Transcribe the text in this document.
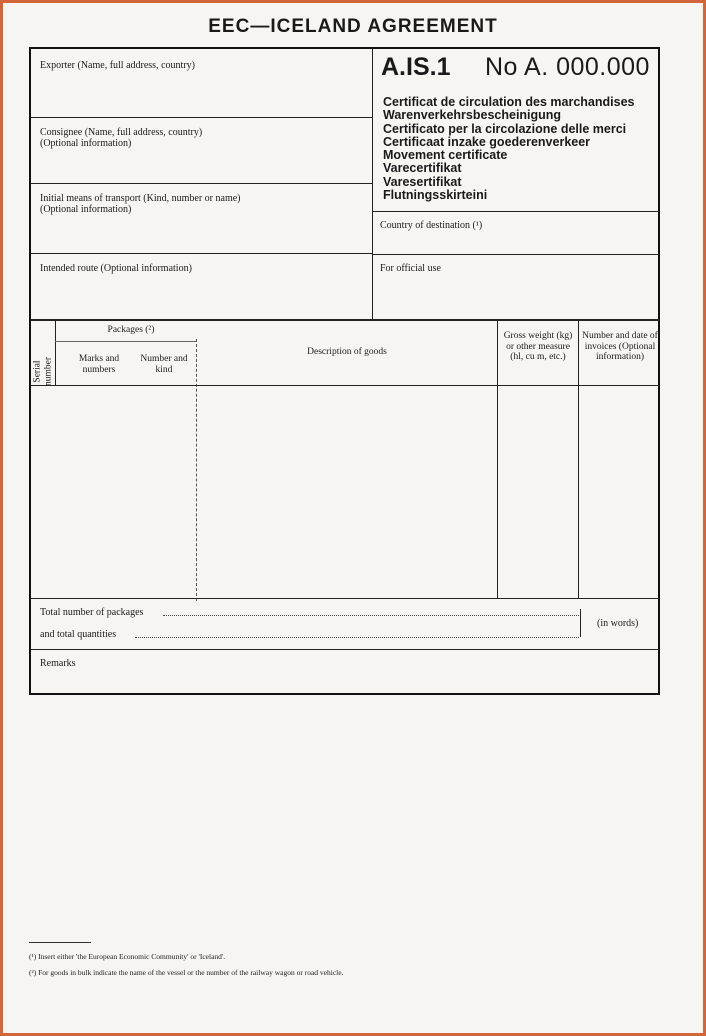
EEC—ICELAND AGREEMENT
Exporter (Name, full address, country)
Consignee (Name, full address, country)
(Optional information)
Initial means of transport (Kind, number or name)
(Optional information)
Intended route (Optional information)
A.IS.1 No A. 000.000
Certificat de circulation des marchandises
Warenverkehrsbescheinigung
Certificato per la circolazione delle merci
Certificaat inzake goederenverkeer
Movement certificate
Varecertifikat
Varesertifikat
Flutningsskirteini
Country of destination (¹)
For official use
Serial number
Packages (²)
Marks and numbers
Number and kind
Description of goods
Gross weight (kg) or other measure (hl, cu m, etc.)
Number and date of invoices (Optional information)
Total number of packages
and total quantities
(in words)
Remarks
(¹) Insert either 'the European Economic Community' or 'Iceland'.
(²) For goods in bulk indicate the name of the vessel or the number of the railway wagon or road vehicle.
